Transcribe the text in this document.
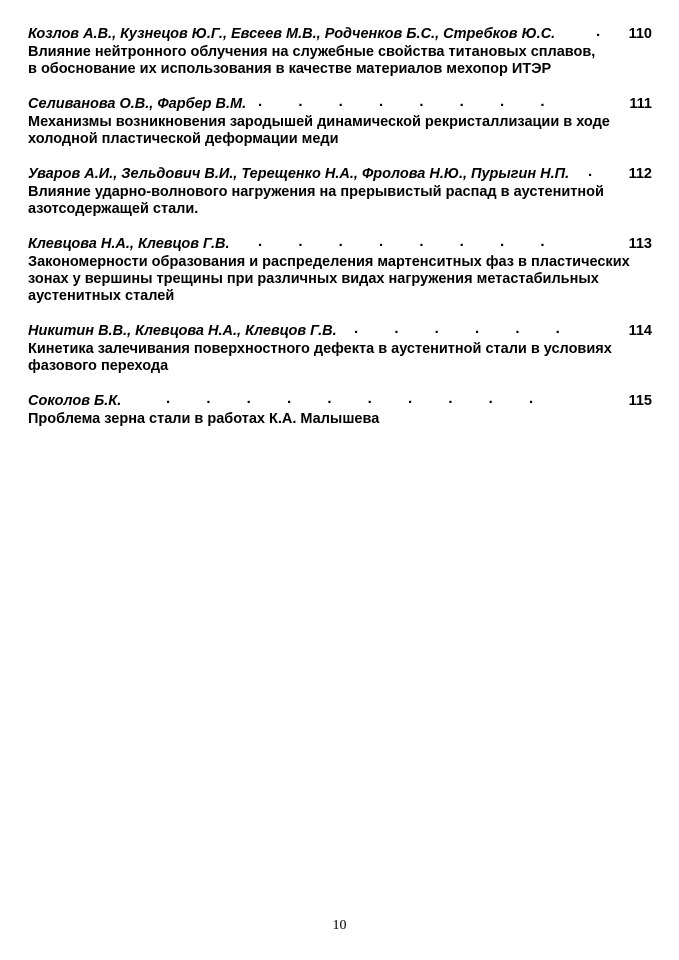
Козлов А.В., Кузнецов Ю.Г., Евсеев М.В., Родченков Б.С., Стребков Ю.С.	.	110
Влияние нейтронного облучения на служебные свойства титановых сплавов,
в обоснование их использования в качестве материалов мехопор ИТЭР
Селиванова О.В., Фарбер В.М. . . . . . . . .	111
Механизмы возникновения зародышей динамической рекристаллизации в ходе
холодной пластической деформации меди
Уваров А.И., Зельдович В.И., Терещенко Н.А., Фролова Н.Ю., Пурыгин Н.П. .	112
Влияние ударно-волнового нагружения на прерывистый распад в аустенитной
азотсодержащей стали.
Клевцова Н.А., Клевцов Г.В. . . . . . . . .	113
Закономерности образования и распределения мартенситных фаз в пластических
зонах у вершины трещины при различных видах нагружения метастабильных
аустенитных сталей
Никитин В.В., Клевцова Н.А., Клевцов Г.В. . . . . . .	114
Кинетика залечивания поверхностного дефекта в аустенитной стали в условиях
фазового перехода
Соколов Б.К.	. . . . . . . . . .	115
Проблема зерна стали в работах К.А. Малышева
10
